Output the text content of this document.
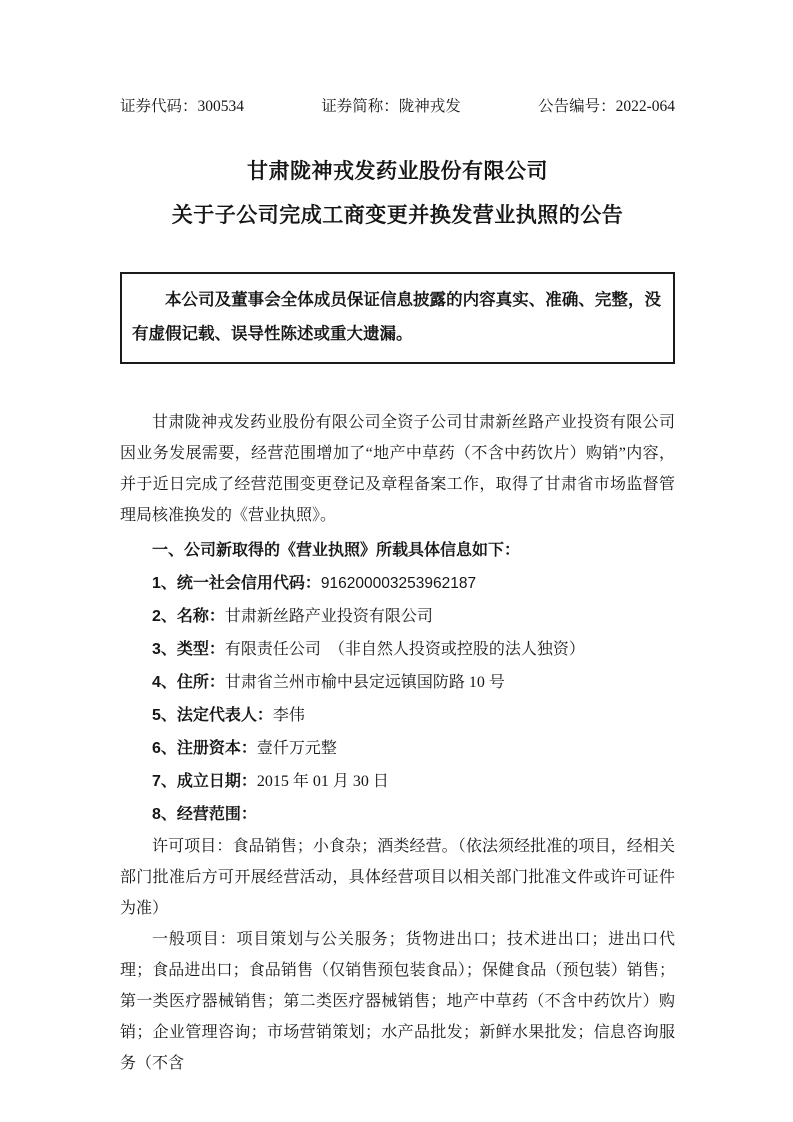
证券代码：300534	证券简称：陇神戎发	公告编号：2022-064
甘肃陇神戎发药业股份有限公司
关于子公司完成工商变更并换发营业执照的公告

本公司及董事会全体成员保证信息披露的内容真实、准确、完整，没有虚假记载、误导性陈述或重大遗漏。

甘肃陇神戎发药业股份有限公司全资子公司甘肃新丝路产业投资有限公司因业务发展需要，经营范围增加了“地产中草药（不含中药饮片）购销”内容，并于近日完成了经营范围变更登记及章程备案工作，取得了甘肃省市场监督管理局核准换发的《营业执照》。

一、公司新取得的《营业执照》所载具体信息如下：

1、统一社会信用代码：916200003253962187

2、名称：甘肃新丝路产业投资有限公司

3、类型：有限责任公司　（非自然人投资或控股的法人独资）

4、住所：甘肃省兰州市榆中县定远镇国防路 10 号

5、法定代表人：李伟

6、注册资本：壹仟万元整

7、成立日期：2015 年 01 月 30 日

8、经营范围：

许可项目：食品销售；小食杂；酒类经营。（依法须经批准的项目，经相关部门批准后方可开展经营活动，具体经营项目以相关部门批准文件或许可证件为准）

一般项目：项目策划与公关服务；货物进出口；技术进出口；进出口代理；食品进出口；食品销售（仅销售预包装食品）；保健食品（预包装）销售；第一类医疗器械销售；第二类医疗器械销售；地产中草药（不含中药饮片）购销；企业管理咨询；市场营销策划；水产品批发；新鲜水果批发；信息咨询服务（不含
